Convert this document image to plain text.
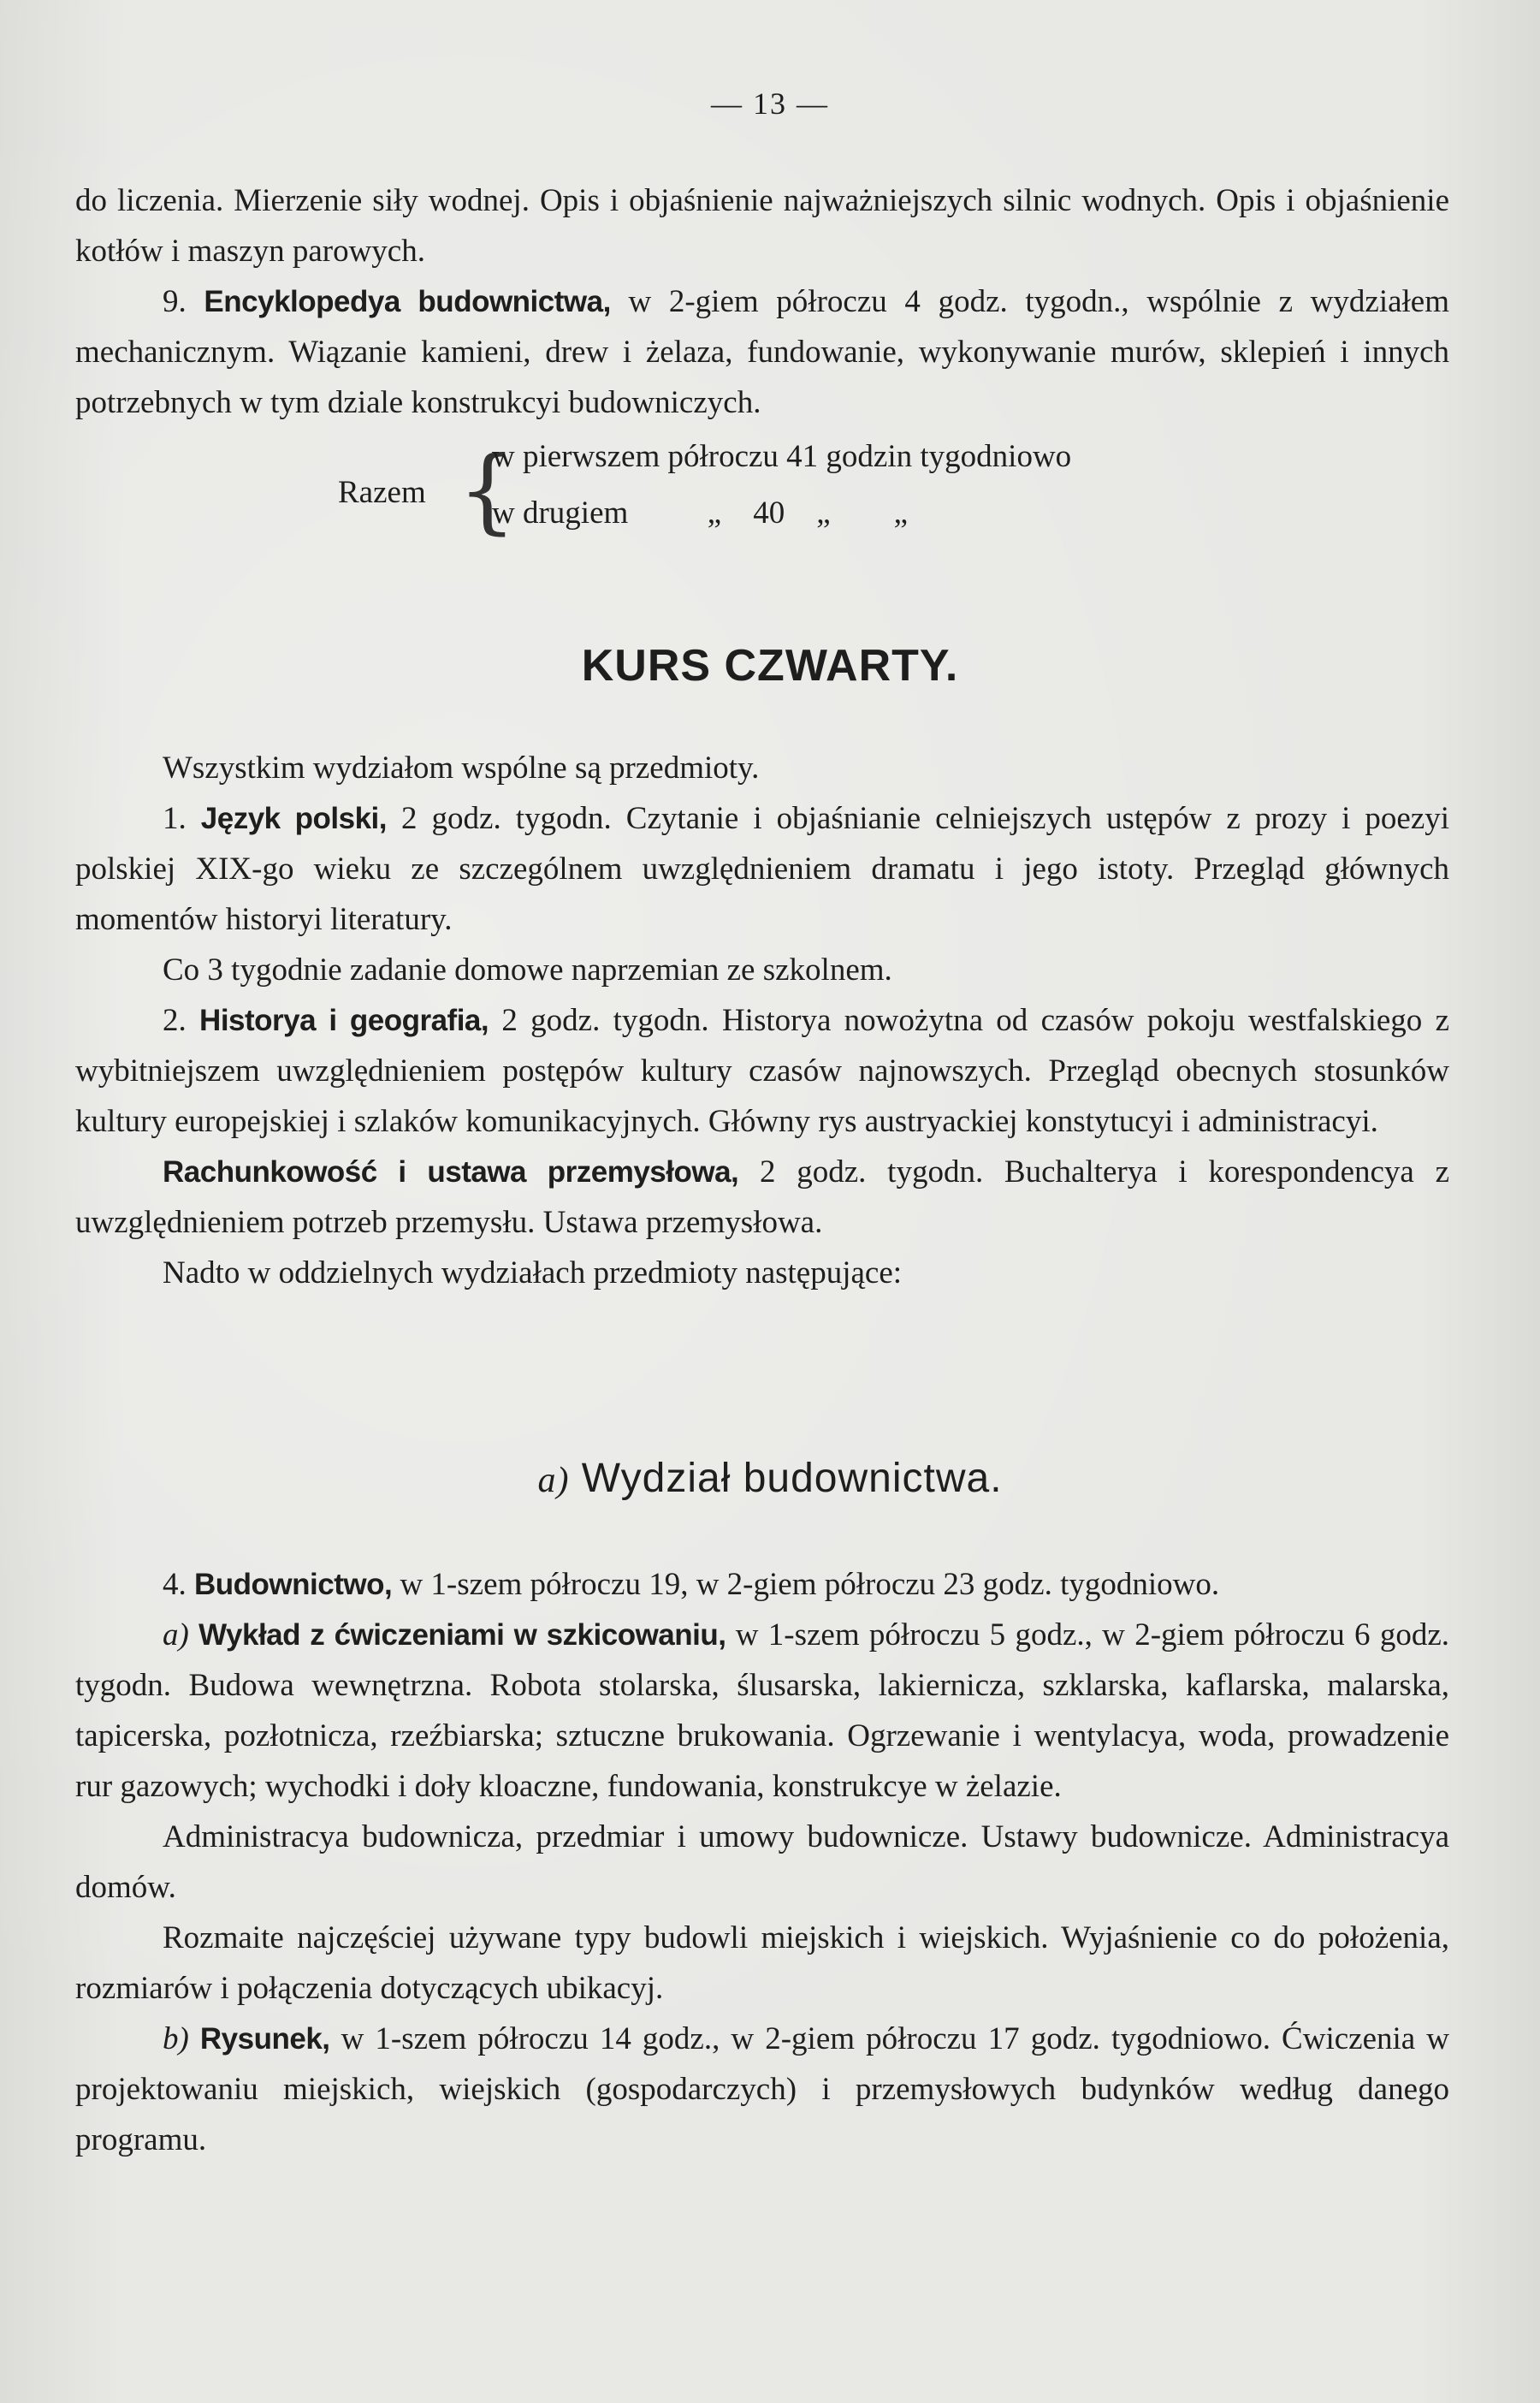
— 13 —

do liczenia. Mierzenie siły wodnej. Opis i objaśnienie najważniejszych silnic wodnych. Opis i objaśnienie kotłów i maszyn parowych.

9. Encyklopedya budownictwa, w 2-giem półroczu 4 godz. tygodn., wspólnie z wydziałem mechanicznym. Wiązanie kamieni, drew i żelaza, fundowanie, wykonywanie murów, sklepień i innych potrzebnych w tym dziale konstrukcyi budowniczych.

Razem {
w pierwszem półroczu 41 godzin tygodniowo
w drugiem          „    40    „        „
KURS CZWARTY.

Wszystkim wydziałom wspólne są przedmioty.

1. Język polski, 2 godz. tygodn. Czytanie i objaśnianie celniejszych ustępów z prozy i poezyi polskiej XIX-go wieku ze szczególnem uwzględnieniem dramatu i jego istoty. Przegląd głównych momentów historyi literatury.

Co 3 tygodnie zadanie domowe naprzemian ze szkolnem.

2. Historya i geografia, 2 godz. tygodn. Historya nowożytna od czasów pokoju westfalskiego z wybitniejszem uwzględnieniem postępów kultury czasów najnowszych. Przegląd obecnych stosunków kultury europejskiej i szlaków komunikacyjnych. Główny rys austryackiej konstytucyi i administracyi.

Rachunkowość i ustawa przemysłowa, 2 godz. tygodn. Buchalterya i korespondencya z uwzględnieniem potrzeb przemysłu. Ustawa przemysłowa.

Nadto w oddzielnych wydziałach przedmioty następujące:

a) Wydział budownictwa.

4. Budownictwo, w 1-szem półroczu 19, w 2-giem półroczu 23 godz. tygodniowo.

a) Wykład z ćwiczeniami w szkicowaniu, w 1-szem półroczu 5 godz., w 2-giem półroczu 6 godz. tygodn. Budowa wewnętrzna. Robota stolarska, ślusarska, lakiernicza, szklarska, kaflarska, malarska, tapicerska, pozłotnicza, rzeźbiarska; sztuczne brukowania. Ogrzewanie i wentylacya, woda, prowadzenie rur gazowych; wychodki i doły kloaczne, fundowania, konstrukcye w żelazie.

Administracya budownicza, przedmiar i umowy budownicze. Ustawy budownicze. Administracya domów.

Rozmaite najczęściej używane typy budowli miejskich i wiejskich. Wyjaśnienie co do położenia, rozmiarów i połączenia dotyczących ubikacyj.

b) Rysunek, w 1-szem półroczu 14 godz., w 2-giem półroczu 17 godz. tygodniowo. Ćwiczenia w projektowaniu miejskich, wiejskich (gospodarczych) i przemysłowych budynków według danego programu.
